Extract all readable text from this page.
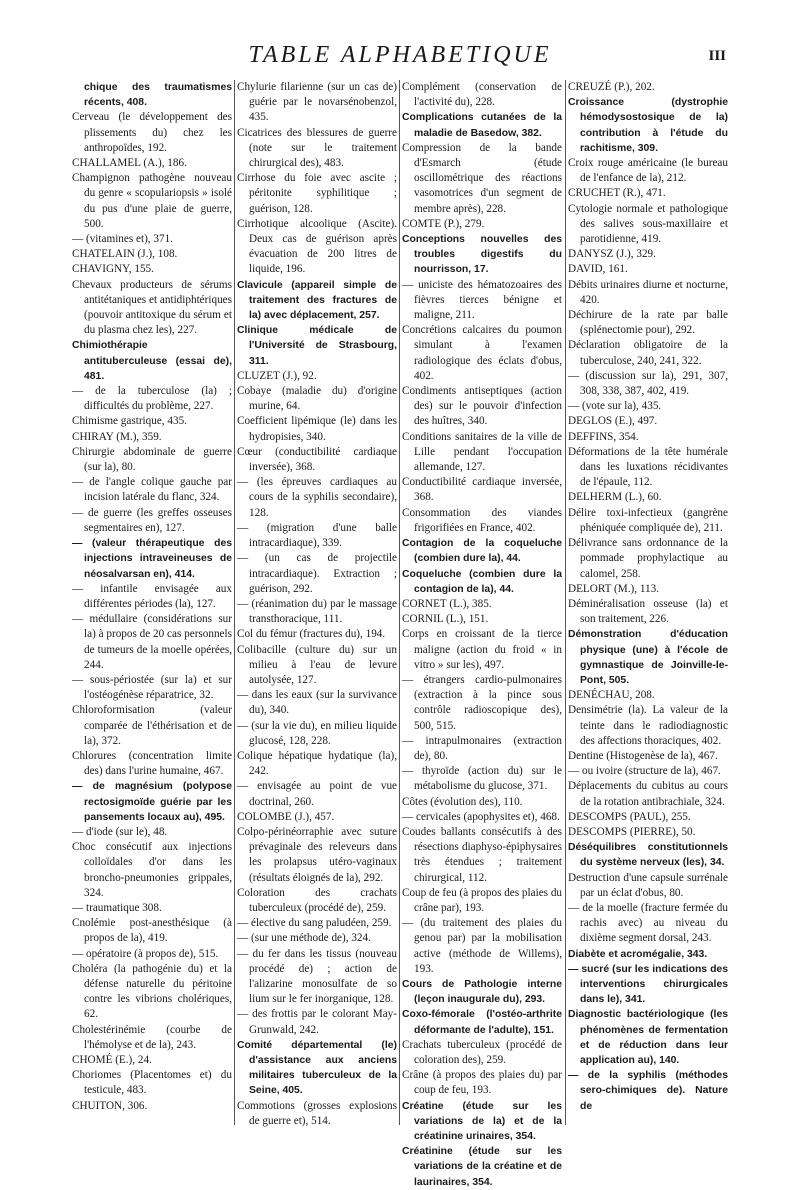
TABLE ALPHABETIQUE	III

chique des traumatismes récents, 408.

Cerveau (le développement des plissements du) chez les anthropoïdes, 192.

CHALLAMEL (A.), 186.

Champignon pathogène nouveau du genre « scopulariopsis » isolé du pus d'une plaie de guerre, 500.

— (vitamines et), 371.

CHATELAIN (J.), 108.

CHAVIGNY, 155.

Chevaux producteurs de sérums antitétaniques et antidiphtériques (pouvoir antitoxique du sérum et du plasma chez les), 227.

Chimiothérapie antituberculeuse (essai de), 481.

— de la tuberculose (la) ; difficultés du problème, 227.

Chimisme gastrique, 435.

CHIRAY (M.), 359.

Chirurgie abdominale de guerre (sur la), 80.

— de l'angle colique gauche par incision latérale du flanc, 324.

— de guerre (les greffes osseuses segmentaires en), 127.

— (valeur thérapeutique des injections intraveineuses de néosalvarsan en), 414.

— infantile envisagée aux différentes périodes (la), 127.

— médullaire (considérations sur la) à propos de 20 cas personnels de tumeurs de la moelle opérées, 244.

— sous-périostée (sur la) et sur l'ostéogénèse réparatrice, 32.

Chloroformisation (valeur comparée de l'éthérisation et de la), 372.

Chlorures (concentration limite des) dans l'urine humaine, 467.

— de magnésium (polypose rectosigmoïde guérie par les pansements locaux au), 495.

— d'iode (sur le), 48.

Choc consécutif aux injections colloïdales d'or dans les broncho-pneumonies grippales, 324.

— traumatique 308.

Cnolémie post-anesthésique (à propos de la), 419.

— opératoire (à propos de), 515.

Choléra (la pathogénie du) et la défense naturelle du péritoine contre les vibrions cholériques, 62.

Cholestérinémie (courbe de l'hémolyse et de la), 243.

CHOMÉ (E.), 24.

Choriomes (Placentomes et) du testicule, 483.

CHUITON, 306.

Chylurie filarienne (sur un cas de) guérie par le novarsénobenzol, 435.

Cicatrices des blessures de guerre (note sur le traitement chirurgical des), 483.

Cirrhose du foie avec ascite ; péritonite syphilitique ; guérison, 128.

Cirrhotique alcoolique (Ascite). Deux cas de guérison après évacuation de 200 litres de liquide, 196.

Clavicule (appareil simple de traitement des fractures de la) avec déplacement, 257.

Clinique médicale de l'Université de Strasbourg, 311.

CLUZET (J.), 92.

Cobaye (maladie du) d'origine murine, 64.

Coefficient lipémique (le) dans les hydropisies, 340.

Cœur (conductibilité cardiaque inversée), 368.

— (les épreuves cardiaques au cours de la syphilis secondaire), 128.

— (migration d'une balle intracardiaque), 339.

— (un cas de projectile intracardiaque). Extraction ; guérison, 292.

— (réanimation du) par le massage transthoracique, 111.

Col du fémur (fractures du), 194.

Colibacille (culture du) sur un milieu à l'eau de levure autolysée, 127.

— dans les eaux (sur la survivance du), 340.

— (sur la vie du), en milieu liquide glucosé, 128, 228.

Colique hépatique hydatique (la), 242.

— envisagée au point de vue doctrinal, 260.

COLOMBE (J.), 457.

Colpo-périnéorraphie avec suture prévaginale des releveurs dans les prolapsus utéro-vaginaux (résultats éloignés de la), 292.

Coloration des crachats tuberculeux (procédé de), 259.

— élective du sang paludéen, 259.

— (sur une méthode de), 324.

— du fer dans les tissus (nouveau procédé de) ; action de l'alizarine monosulfate de so lium sur le fer inorganique, 128.

— des frottis par le colorant May-Grunwald, 242.

Comité départemental (le) d'assistance aux anciens militaires tuberculeux de la Seine, 405.

Commotions (grosses explosions de guerre et), 514.

Complément (conservation de l'activité du), 228.

Complications cutanées de la maladie de Basedow, 382.

Compression de la bande d'Esmarch (étude oscillométrique des réactions vasomotrices d'un segment de membre après), 228.

COMTE (P.), 279.

Conceptions nouvelles des troubles digestifs du nourrisson, 17.

— uniciste des hématozoaires des fièvres tierces bénigne et maligne, 211.

Concrétions calcaires du poumon simulant à l'examen radiologique des éclats d'obus, 402.

Condiments antiseptiques (action des) sur le pouvoir d'infection des huîtres, 340.

Conditions sanitaires de la ville de Lille pendant l'occupation allemande, 127.

Conductibilité cardiaque inversée, 368.

Consommation des viandes frigorifiées en France, 402.

Contagion de la coqueluche (combien dure la), 44.

Coqueluche (combien dure la contagion de la), 44.

CORNET (L.), 385.

CORNIL (L.), 151.

Corps en croissant de la tierce maligne (action du froid « in vitro » sur les), 497.

— étrangers cardio-pulmonaires (extraction à la pince sous contrôle radioscopique des), 500, 515.

— intrapulmonaires (extraction de), 80.

— thyroïde (action du) sur le métabolisme du glucose, 371.

Côtes (évolution des), 110.

— cervicales (apophysites et), 468.

Coudes ballants consécutifs à des résections diaphyso-épiphysaires très étendues ; traitement chirurgical, 112.

Coup de feu (à propos des plaies du crâne par), 193.

— (du traitement des plaies du genou par) par la mobilisation active (méthode de Willems), 193.

Cours de Pathologie interne (leçon inaugurale du), 293.

Coxo-fémorale (l'ostéo-arthrite déformante de l'adulte), 151.

Crachats tuberculeux (procédé de coloration des), 259.

Crâne (à propos des plaies du) par coup de feu, 193.

Créatine (étude sur les variations de la) et de la créatinine urinaires, 354.

Créatinine (étude sur les variations de la créatine et de laurinaires, 354.

CREUZÉ (P.), 202.

Croissance (dystrophie hémodysostosique de la) contribution à l'étude du rachitisme, 309.

Croix rouge américaine (le bureau de l'enfance de la), 212.

CRUCHET (R.), 471.

Cytologie normale et pathologique des salives sous-maxillaire et parotidienne, 419.

DANYSZ (J.), 329.

DAVID, 161.

Débits urinaires diurne et nocturne, 420.

Déchirure de la rate par balle (splénectomie pour), 292.

Déclaration obligatoire de la tuberculose, 240, 241, 322.

— (discussion sur la), 291, 307, 308, 338, 387, 402, 419.

— (vote sur la), 435.

DEGLOS (E.), 497.

DEFFINS, 354.

Déformations de la tête humérale dans les luxations récidivantes de l'épaule, 112.

DELHERM (L.), 60.

Délire toxi-infectieux (gangrène phéniquée compliquée de), 211.

Délivrance sans ordonnance de la pommade prophylactique au calomel, 258.

DELORT (M.), 113.

Déminéralisation osseuse (la) et son traitement, 226.

Démonstration d'éducation physique (une) à l'école de gymnastique de Joinville-le-Pont, 505.

DENÉCHAU, 208.

Densimétrie (la). La valeur de la teinte dans le radiodiagnostic des affections thoraciques, 402.

Dentine (Histogenèse de la), 467.

— ou ivoire (structure de la), 467.

Déplacements du cubitus au cours de la rotation antibrachiale, 324.

DESCOMPS (PAUL), 255.

DESCOMPS (PIERRE), 50.

Déséquilibres constitutionnels du système nerveux (les), 34.

Destruction d'une capsule surrénale par un éclat d'obus, 80.

— de la moelle (fracture fermée du rachis avec) au niveau du dixième segment dorsal, 243.

Diabète et acromégalie, 343.

— sucré (sur les indications des interventions chirurgicales dans le), 341.

Diagnostic bactériologique (les phénomènes de fermentation et de réduction dans leur application au), 140.

— de la syphilis (méthodes sero-chimiques de). Nature de
